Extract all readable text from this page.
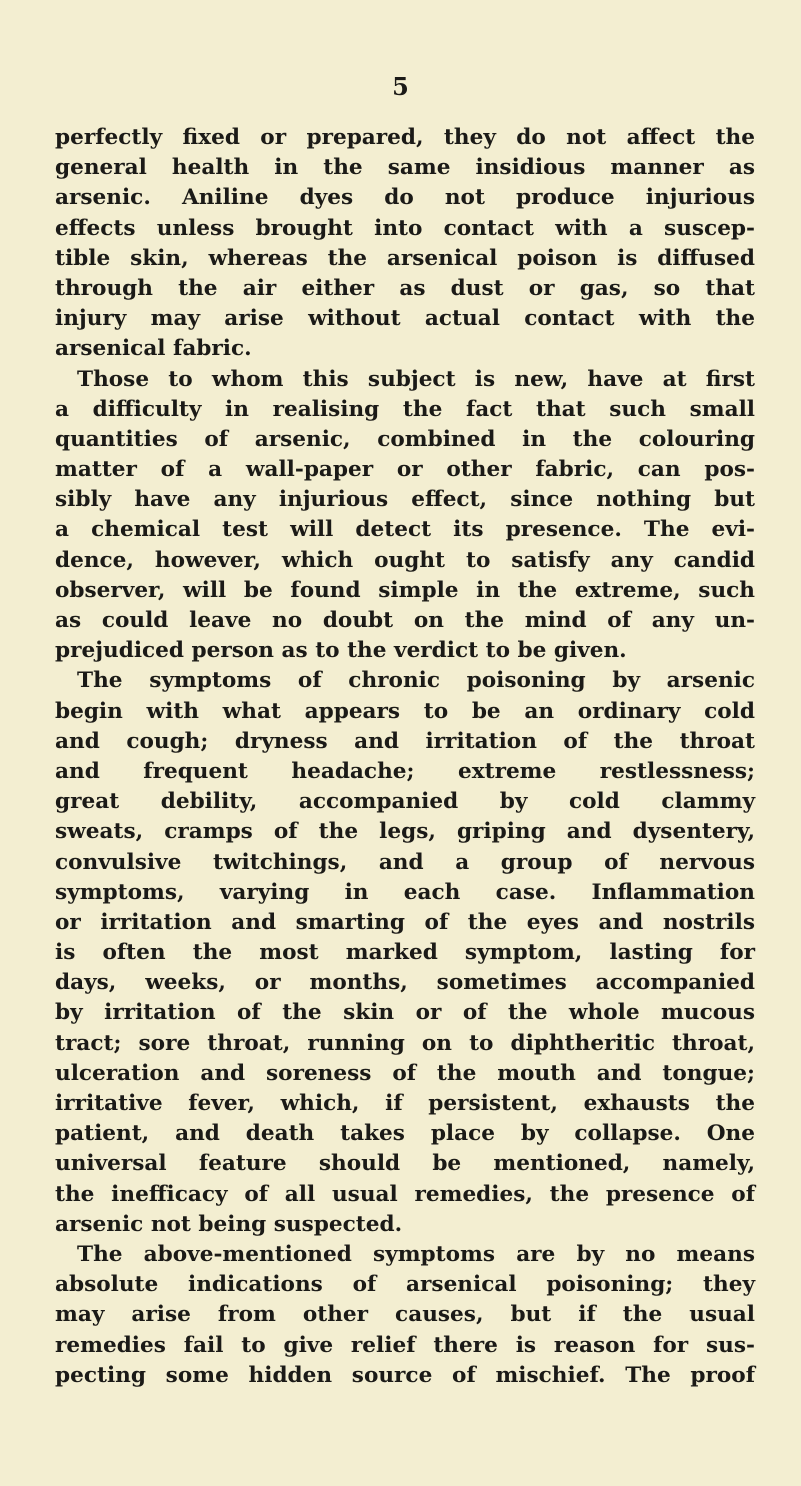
5
perfectly fixed or prepared, they do not affect the
general health in the same insidious manner as
arsenic. Aniline dyes do not produce injurious
effects unless brought into contact with a suscep-
tible skin, whereas the arsenical poison is diffused
through the air either as dust or gas, so that
injury may arise without actual contact with the
arsenical fabric.
Those to whom this subject is new, have at first
a difficulty in realising the fact that such small
quantities of arsenic, combined in the colouring
matter of a wall-paper or other fabric, can pos-
sibly have any injurious effect, since nothing but
a chemical test will detect its presence. The evi-
dence, however, which ought to satisfy any candid
observer, will be found simple in the extreme, such
as could leave no doubt on the mind of any un-
prejudiced person as to the verdict to be given.
The symptoms of chronic poisoning by arsenic
begin with what appears to be an ordinary cold
and cough; dryness and irritation of the throat
and frequent headache; extreme restlessness;
great debility, accompanied by cold clammy
sweats, cramps of the legs, griping and dysentery,
convulsive twitchings, and a group of nervous
symptoms, varying in each case. Inflammation
or irritation and smarting of the eyes and nostrils
is often the most marked symptom, lasting for
days, weeks, or months, sometimes accompanied
by irritation of the skin or of the whole mucous
tract; sore throat, running on to diphtheritic throat,
ulceration and soreness of the mouth and tongue;
irritative fever, which, if persistent, exhausts the
patient, and death takes place by collapse. One
universal feature should be mentioned, namely,
the inefficacy of all usual remedies, the presence of
arsenic not being suspected.
The above-mentioned symptoms are by no means
absolute indications of arsenical poisoning; they
may arise from other causes, but if the usual
remedies fail to give relief there is reason for sus-
pecting some hidden source of mischief. The proof
